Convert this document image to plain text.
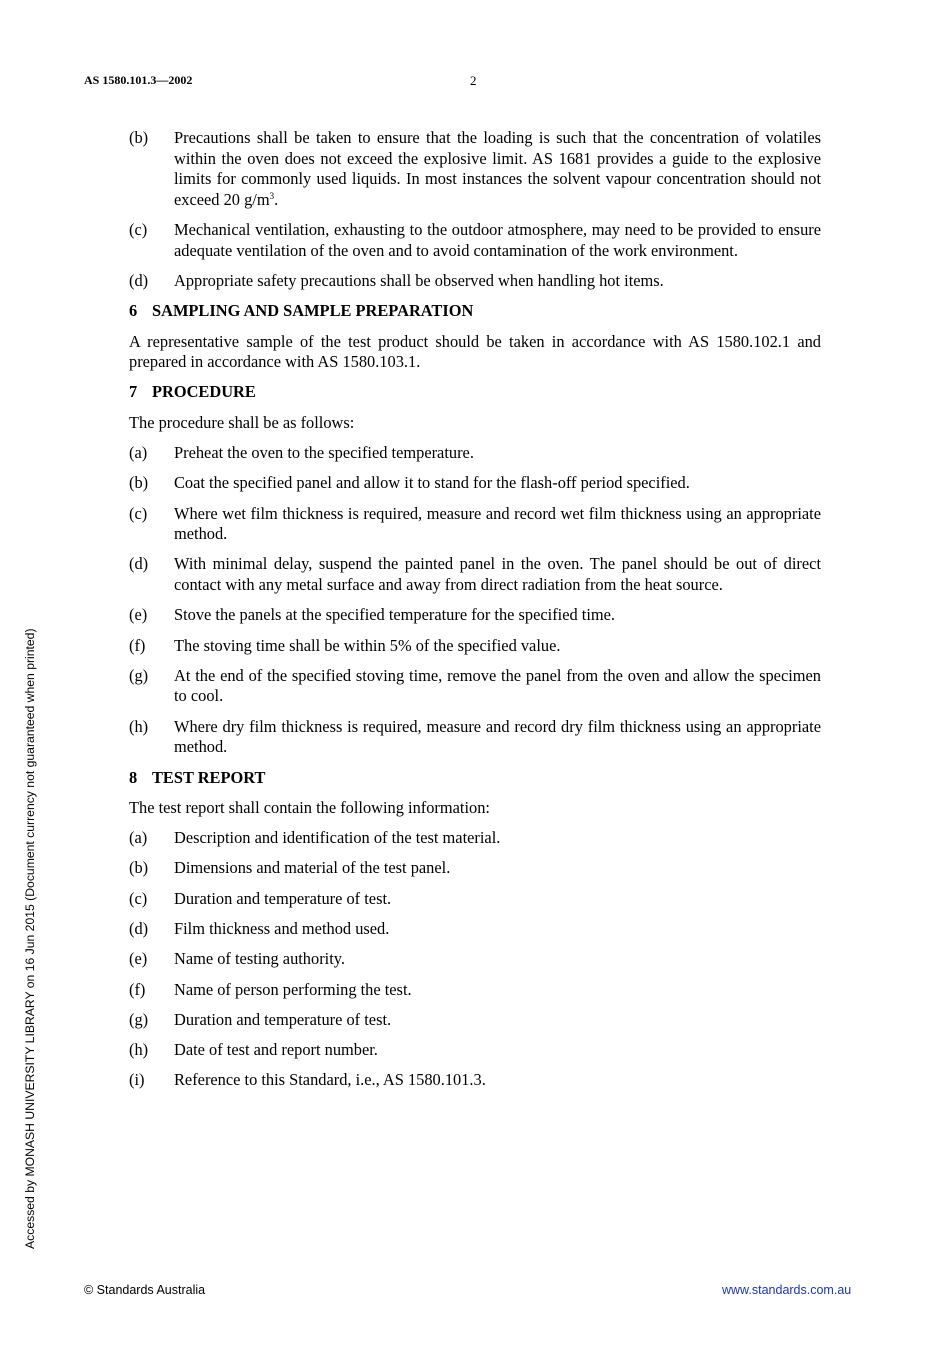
AS 1580.101.3—2002	2
(b) Precautions shall be taken to ensure that the loading is such that the concentration of volatiles within the oven does not exceed the explosive limit. AS 1681 provides a guide to the explosive limits for commonly used liquids. In most instances the solvent vapour concentration should not exceed 20 $g/m^3$.
(c) Mechanical ventilation, exhausting to the outdoor atmosphere, may need to be provided to ensure adequate ventilation of the oven and to avoid contamination of the work environment.
(d) Appropriate safety precautions shall be observed when handling hot items.
6 SAMPLING AND SAMPLE PREPARATION
A representative sample of the test product should be taken in accordance with AS 1580.102.1 and prepared in accordance with AS 1580.103.1.
7 PROCEDURE
The procedure shall be as follows:
(a) Preheat the oven to the specified temperature.
(b) Coat the specified panel and allow it to stand for the flash-off period specified.
(c) Where wet film thickness is required, measure and record wet film thickness using an appropriate method.
(d) With minimal delay, suspend the painted panel in the oven. The panel should be out of direct contact with any metal surface and away from direct radiation from the heat source.
(e) Stove the panels at the specified temperature for the specified time.
(f) The stoving time shall be within 5% of the specified value.
(g) At the end of the specified stoving time, remove the panel from the oven and allow the specimen to cool.
(h) Where dry film thickness is required, measure and record dry film thickness using an appropriate method.
8 TEST REPORT
The test report shall contain the following information:
(a) Description and identification of the test material.
(b) Dimensions and material of the test panel.
(c) Duration and temperature of test.
(d) Film thickness and method used.
(e) Name of testing authority.
(f) Name of person performing the test.
(g) Duration and temperature of test.
(h) Date of test and report number.
(i) Reference to this Standard, i.e., AS 1580.101.3.
Accessed by MONASH UNIVERSITY LIBRARY on 16 Jun 2015 (Document currency not guaranteed when printed)
© Standards Australia	www.standards.com.au
